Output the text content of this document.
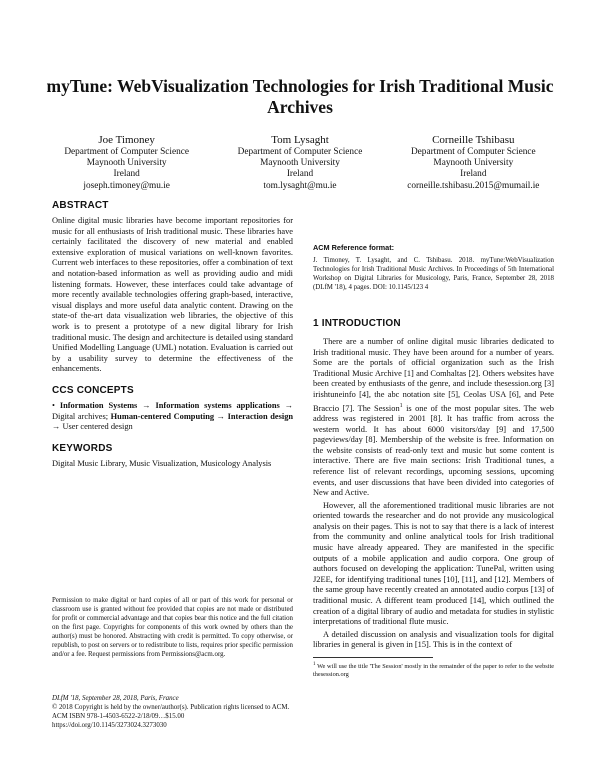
myTune: WebVisualization Technologies for Irish Traditional Music Archives
Joe Timoney
Department of Computer Science
Maynooth University
Ireland
joseph.timoney@mu.ie
Tom Lysaght
Department of Computer Science
Maynooth University
Ireland
tom.lysaght@mu.ie
Corneille Tshibasu
Department of Computer Science
Maynooth University
Ireland
corneille.tshibasu.2015@mumail.ie
ABSTRACT

Online digital music libraries have become important repositories for music for all enthusiasts of Irish traditional music. These libraries have certainly facilitated the discovery of new material and enabled extensive exploration of musical variations on well-known favorites. Current web interfaces to these repositories, offer a combination of text and notation-based information as well as providing audio and midi listening formats. However, these interfaces could take advantage of more recently available technologies offering graph-based, interactive, visual displays and more useful data analytic content. Drawing on the state-of the-art data visualization web libraries, the objective of this work is to present a prototype of a new digital library for Irish traditional music. The design and architecture is detailed using standard Unified Modelling Language (UML) notation. Evaluation is carried out by a usability survey to determine the effectiveness of the enhancements.

CCS CONCEPTS

• Information Systems → Information systems applications → Digital archives; Human-centered Computing → Interaction design → User centered design

KEYWORDS

Digital Music Library, Music Visualization, Musicology Analysis

Permission to make digital or hard copies of all or part of this work for personal or classroom use is granted without fee provided that copies are not made or distributed for profit or commercial advantage and that copies bear this notice and the full citation on the first page. Copyrights for components of this work owned by others than the author(s) must be honored. Abstracting with credit is permitted. To copy otherwise, or republish, to post on servers or to redistribute to lists, requires prior specific permission and/or a fee. Request permissions from Permissions@acm.org.

DLfM '18, September 28, 2018, Paris, France
© 2018 Copyright is held by the owner/author(s). Publication rights licensed to ACM.
ACM ISBN 978-1-4503-6522-2/18/09…$15.00
https://doi.org/10.1145/3273024.3273030
ACM Reference format:

J. Timoney, T. Lysaght, and C. Tshibasu. 2018. myTune:WebVisualization Technologies for Irish Traditional Music Archives. In Proceedings of 5th International Workshop on Digital Libraries for Musicology, Paris, France, September 28, 2018 (DLfM '18), 4 pages. DOI: 10.1145/123 4

1 INTRODUCTION

There are a number of online digital music libraries dedicated to Irish traditional music. They have been around for a number of years. Some are the portals of official organization such as the Irish Traditional Music Archive [1] and Comhaltas [2]. Others websites have been created by enthusiasts of the genre, and include thesession.org [3] irishtuneinfo [4], the abc notation site [5], Ceolas USA [6], and Pete Braccio [7]. The Session$^1$ is one of the most popular sites. The web address was registered in 2001 [8]. It has traffic from across the western world. It has about 6000 visitors/day [9] and 17,500 pageviews/day [8]. Membership of the website is free. Information on the website consists of read-only text and music but some content is interactive. There are five main sections: Irish Traditional tunes, a reference list of relevant recordings, upcoming sessions, upcoming events, and user discussions that have been divided into categories of New and Active.

However, all the aforementioned traditional music libraries are not oriented towards the researcher and do not provide any musicological analysis on their pages. This is not to say that there is a lack of interest from the community and online analytical tools for Irish traditional music have already appeared. They are manifested in the specific outputs of a mobile application and audio corpora. One group of authors focused on developing the application: TunePal, written using J2EE, for identifying traditional tunes [10], [11], and [12]. Members of the same group have recently created an annotated audio corpus [13] of traditional music. A different team produced [14], which outlined the creation of a digital library of audio and metadata for studies in stylistic interpretations of traditional flute music.

A detailed discussion on analysis and visualization tools for digital libraries in general is given in [15]. This is in the context of

$^1$ We will use the title 'The Session' mostly in the remainder of the paper to refer to the website thesession.org
